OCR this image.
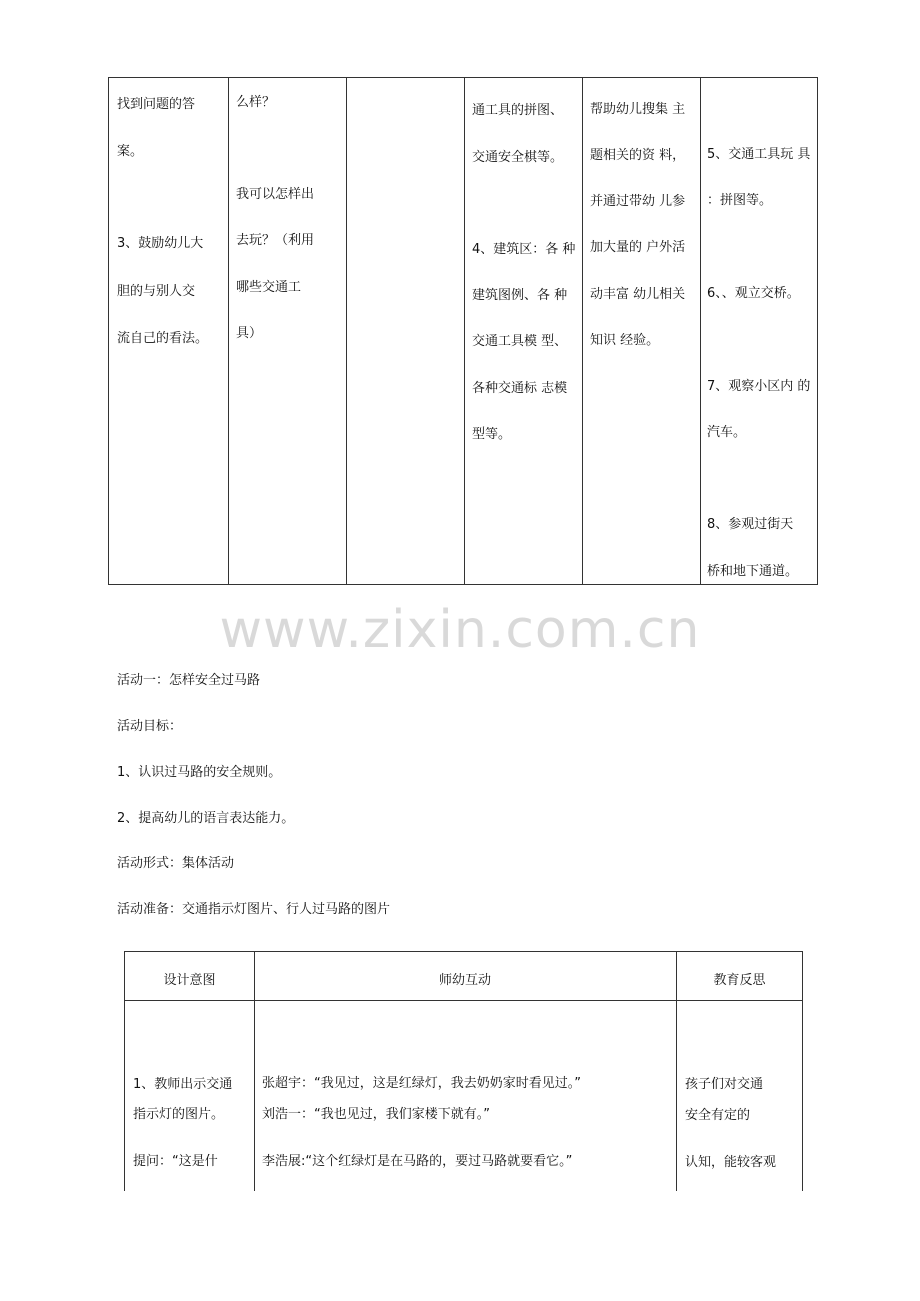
找到问题的答
案。
3、鼓励幼儿大
胆的与别人交
流自己的看法。
么样？
我可以怎样出
去玩？（利用
哪些交通工
具）
通工具的拼图、
交通安全棋等。
4、建筑区：各 种
建筑图例、各 种
交通工具模 型、
各种交通标 志模
型等。
帮助幼儿搜集 主
题相关的资 料，
并通过带幼 儿参
加大量的 户外活
动丰富 幼儿相关
知识 经验。
5、交通工具玩 具
：拼图等。
6、、观立交桥。
7、观察小区内 的
汽车。
8、参观过街天
桥和地下通道。
www.zixin.com.cn
活动一：怎样安全过马路
活动目标：
1、认识过马路的安全规则。
2、提高幼儿的语言表达能力。
活动形式：集体活动
活动准备：交通指示灯图片、行人过马路的图片
设计意图	师幼互动	教育反思
1、教师出示交通
指示灯的图片。
提问：“这是什
张超宇：“我见过，这是红绿灯，我去奶奶家时看见过。”
刘浩一：“我也见过，我们家楼下就有。”
李浩展:“这个红绿灯是在马路的，要过马路就要看它。”
孩子们对交通
安全有定的
认知，能较客观
